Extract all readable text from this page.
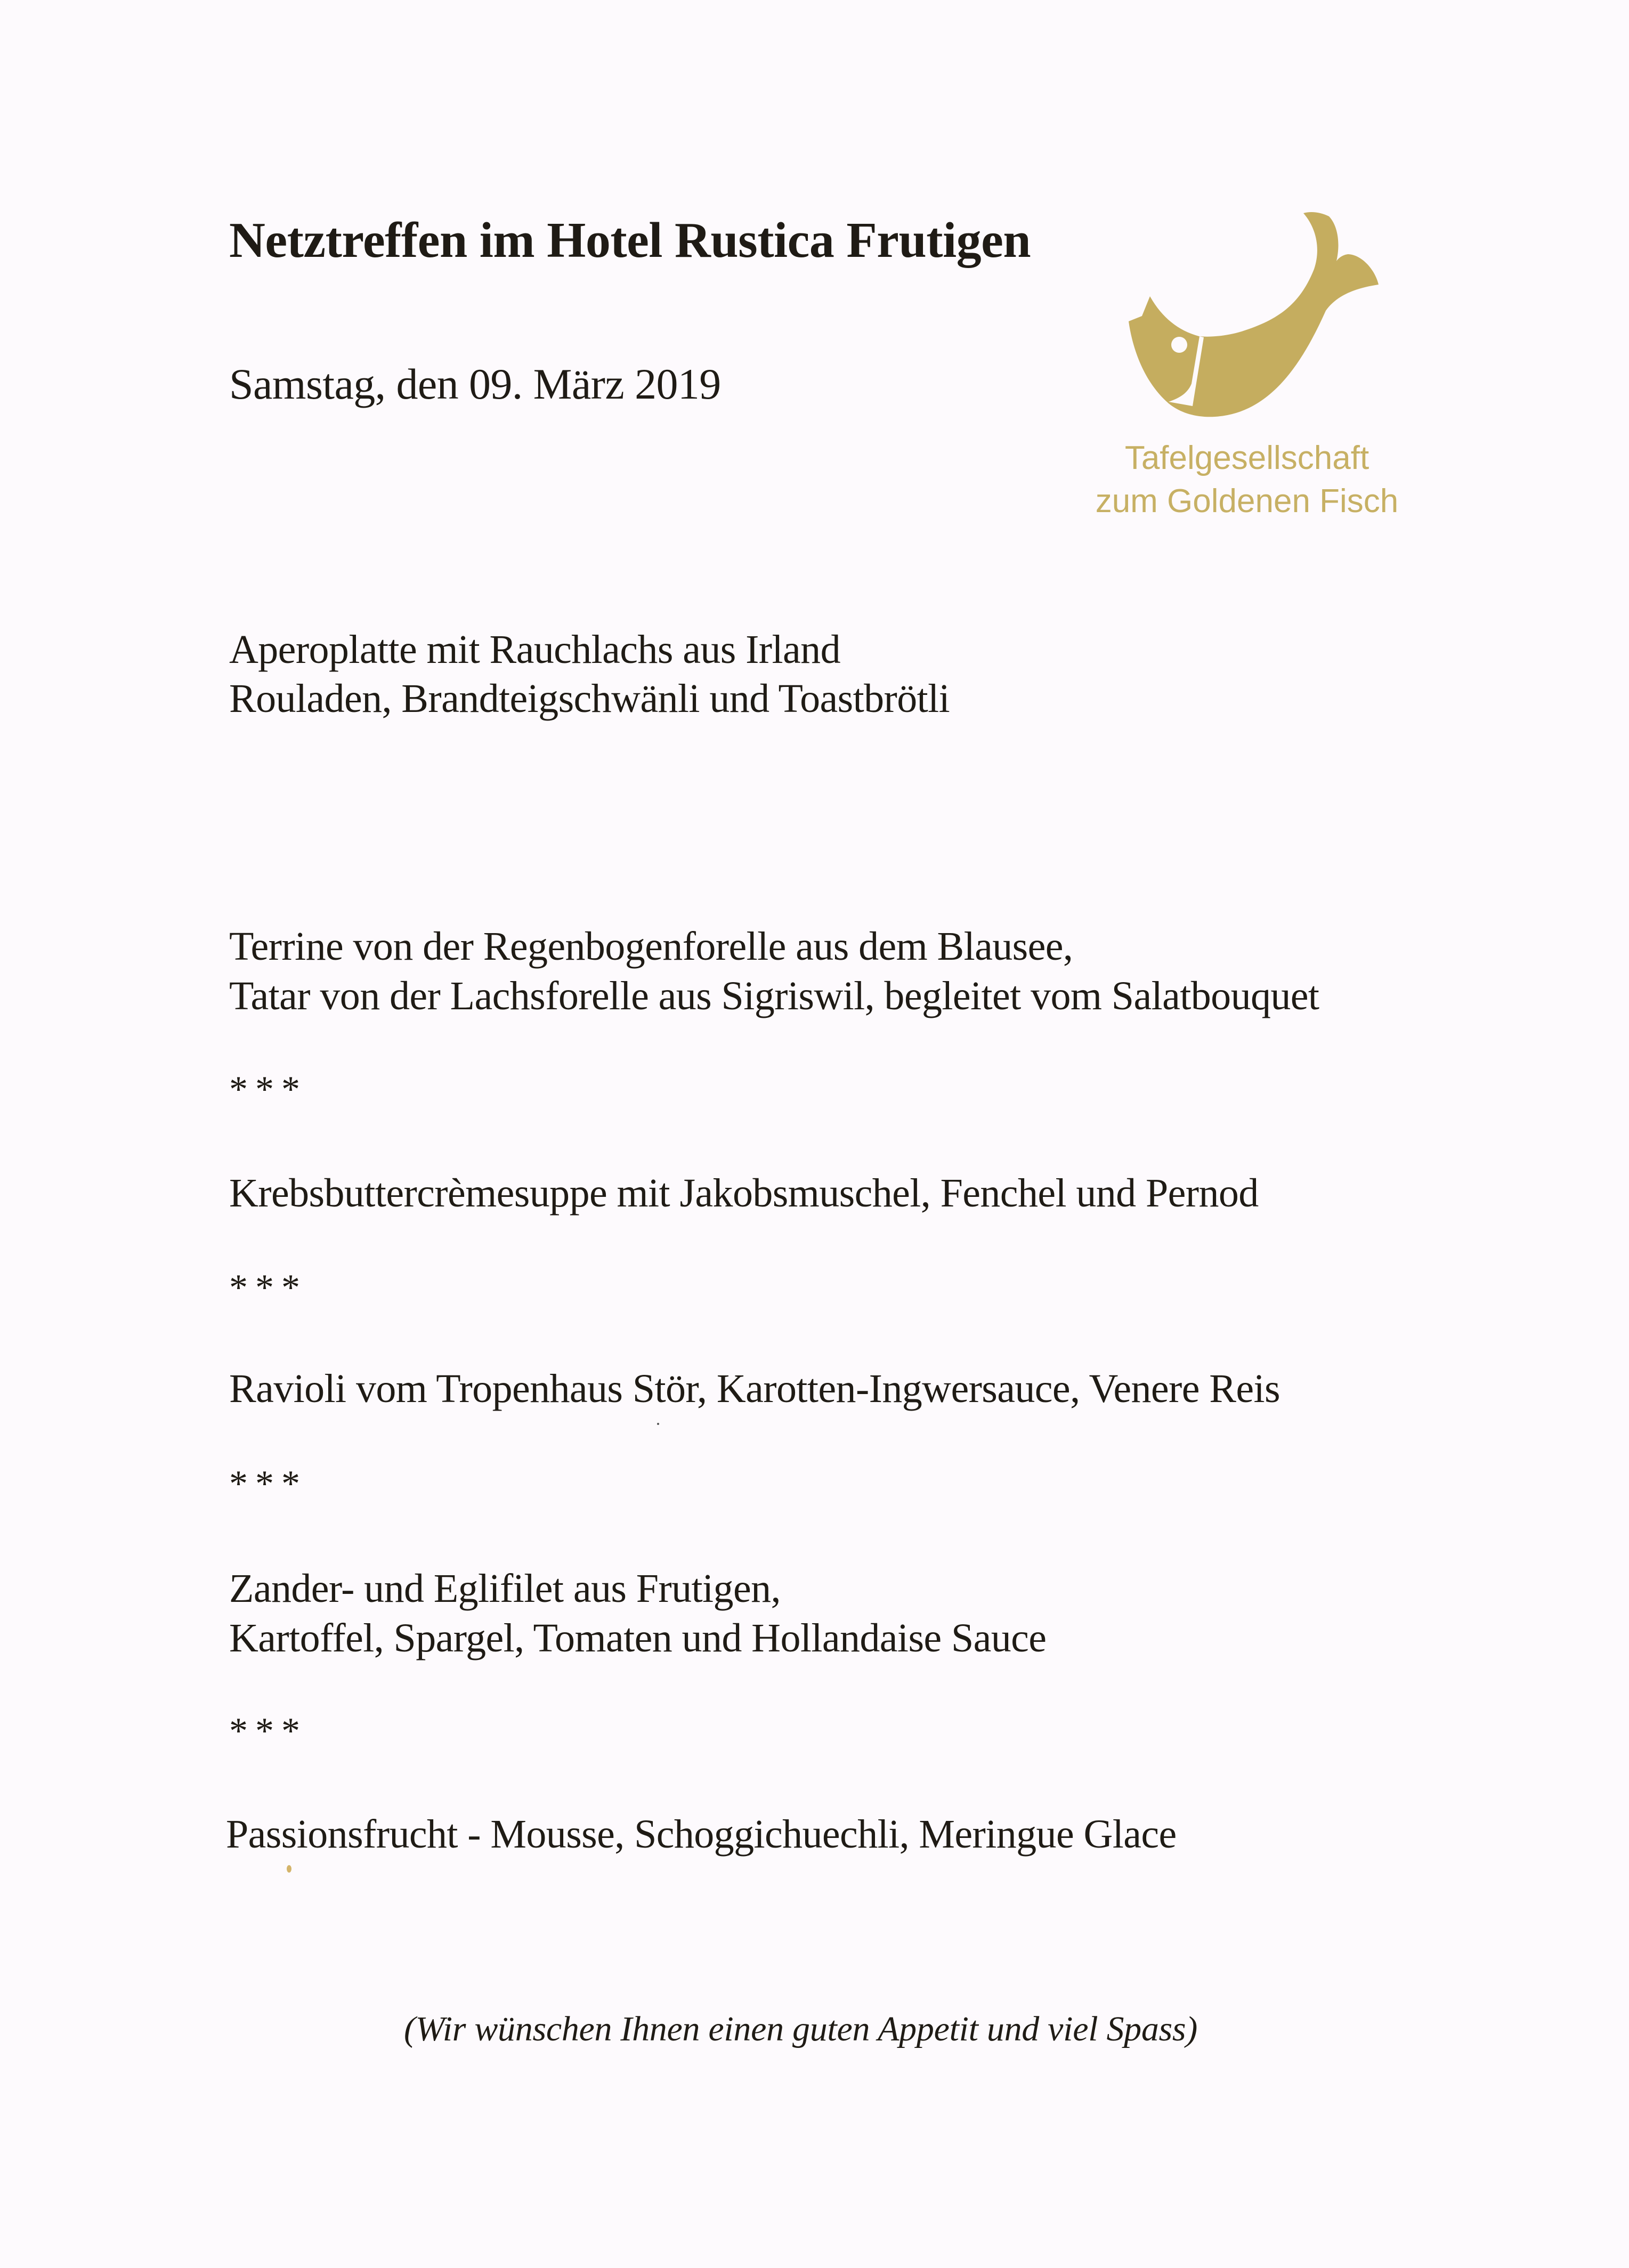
Netztreffen im Hotel Rustica Frutigen

Samstag, den 09. März 2019

Tafelgesellschaft

zum Goldenen Fisch

Aperoplatte mit Rauchlachs aus Irland

Rouladen, Brandteigschwänli und Toastbrötli

Terrine von der Regenbogenforelle aus dem Blausee,

Tatar von der Lachsforelle aus Sigriswil, begleitet vom Salatbouquet

***

Krebsbuttercrèmesuppe mit Jakobsmuschel, Fenchel und Pernod

***

Ravioli vom Tropenhaus Stör, Karotten-Ingwersauce, Venere Reis

***

Zander- und Eglifilet aus Frutigen,

Kartoffel, Spargel, Tomaten und Hollandaise Sauce

***

Passionsfrucht - Mousse, Schoggichuechli, Meringue Glace

(Wir wünschen Ihnen einen guten Appetit und viel Spass)
